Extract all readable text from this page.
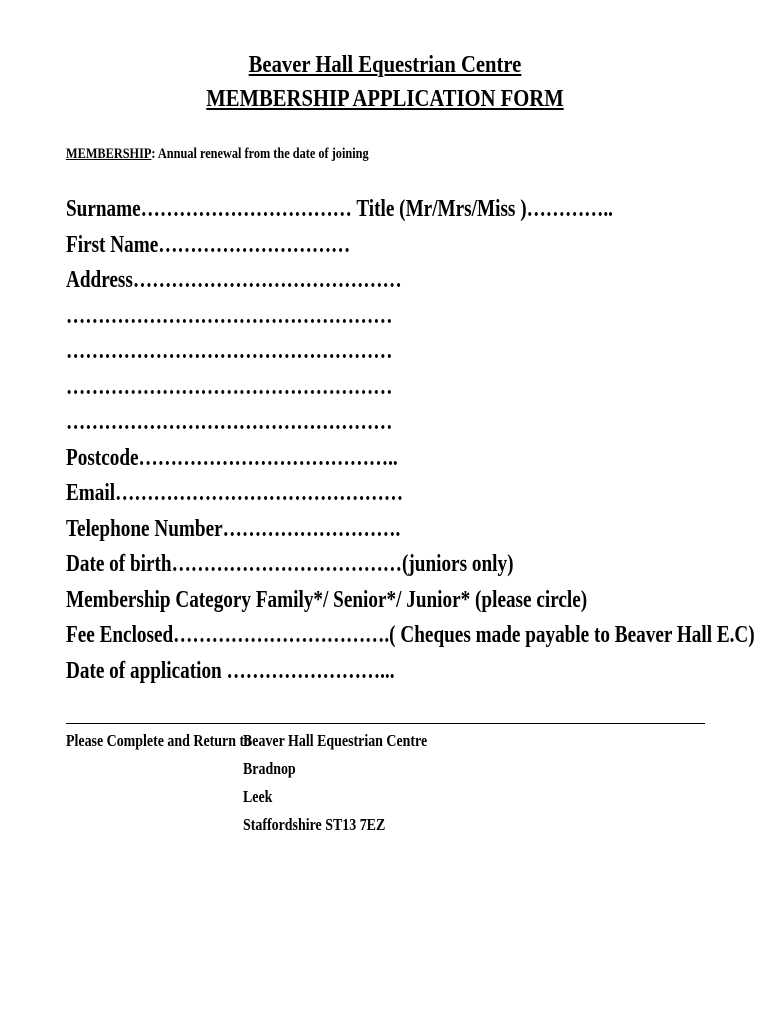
Beaver Hall Equestrian Centre
MEMBERSHIP APPLICATION FORM
MEMBERSHIP: Annual renewal from the date of joining
Surname…………………………… Title (Mr/Mrs/Miss )…………..
First Name…………………………
Address……………………………………
……………………………………………
……………………………………………
……………………………………………
……………………………………………
Postcode…………………………………..
Email………………………………………
Telephone Number……………………….
Date of birth………………………………(juniors only)
Membership Category Family*/ Senior*/ Junior* (please circle)
Fee Enclosed…………………………….( Cheques made payable to Beaver Hall E.C)
Date of application ……………………...
Please Complete and Return to
Beaver Hall Equestrian Centre
Bradnop
Leek
Staffordshire ST13 7EZ
